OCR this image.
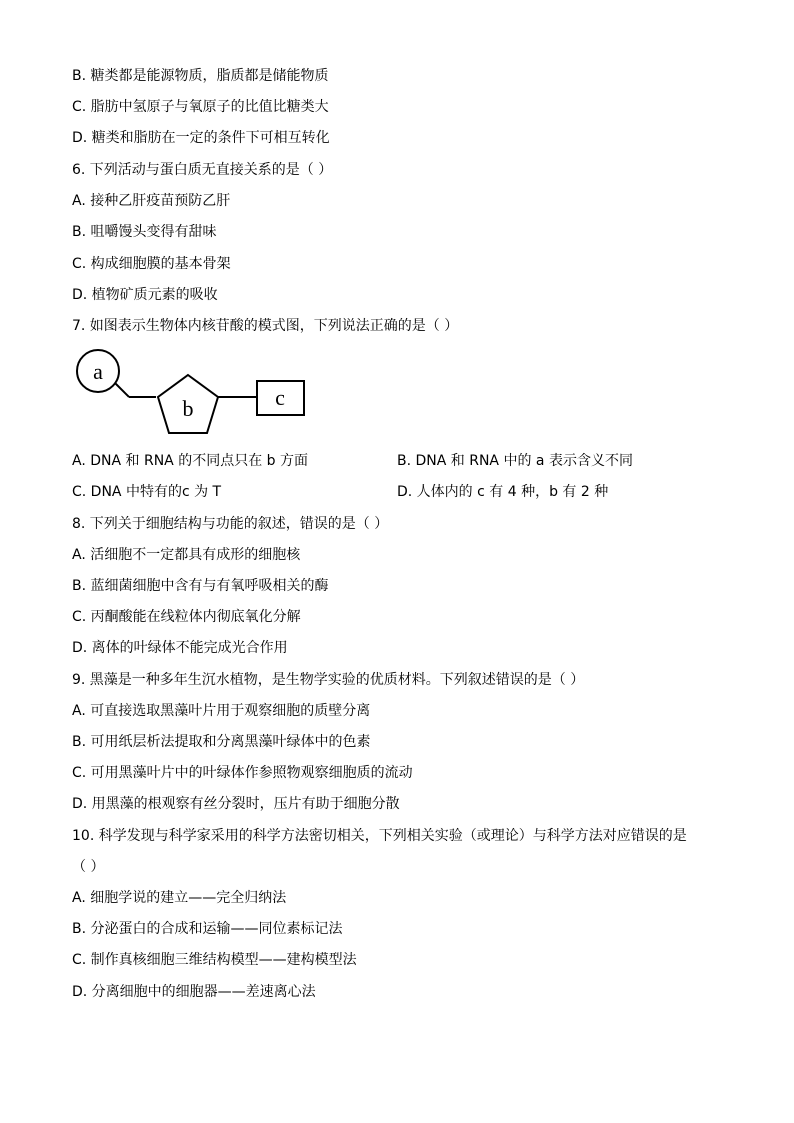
B. 糖类都是能源物质，脂质都是储能物质
C. 脂肪中氢原子与氧原子的比值比糖类大
D. 糖类和脂肪在一定的条件下可相互转化
6. 下列活动与蛋白质无直接关系的是（ ）
A. 接种乙肝疫苗预防乙肝
B. 咀嚼馒头变得有甜味
C. 构成细胞膜的基本骨架
D. 植物矿质元素的吸收
7. 如图表示生物体内核苷酸的模式图，下列说法正确的是（ ）
a
b	c
A. DNA 和 RNA 的不同点只在 b 方面	B. DNA 和 RNA 中的 a 表示含义不同
C. DNA 中特有的c 为 T	D. 人体内的 c 有 4 种，b 有 2 种
8. 下列关于细胞结构与功能的叙述，错误的是（ ）
A. 活细胞不一定都具有成形的细胞核
B. 蓝细菌细胞中含有与有氧呼吸相关的酶
C. 丙酮酸能在线粒体内彻底氧化分解
D. 离体的叶绿体不能完成光合作用
9. 黑藻是一种多年生沉水植物，是生物学实验的优质材料。下列叙述错误的是（ ）
A. 可直接选取黑藻叶片用于观察细胞的质壁分离
B. 可用纸层析法提取和分离黑藻叶绿体中的色素
C. 可用黑藻叶片中的叶绿体作参照物观察细胞质的流动
D. 用黑藻的根观察有丝分裂时，压片有助于细胞分散
10. 科学发现与科学家采用的科学方法密切相关，下列相关实验（或理论）与科学方法对应错误的是
（ ）
A. 细胞学说的建立——完全归纳法
B. 分泌蛋白的合成和运输——同位素标记法
C. 制作真核细胞三维结构模型——建构模型法
D. 分离细胞中的细胞器——差速离心法
